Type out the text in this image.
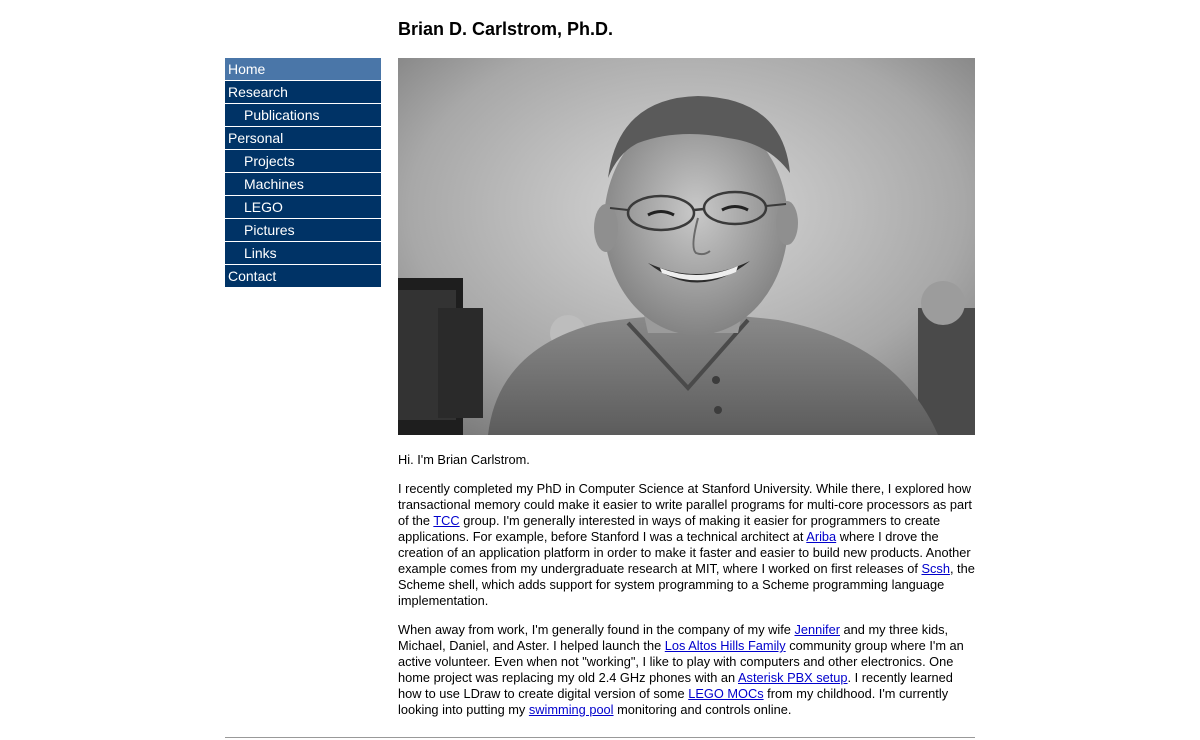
Brian D. Carlstrom, Ph.D.
Home
Research
Publications
Personal
Projects
Machines
LEGO
Pictures
Links
Contact

Hi. I'm Brian Carlstrom.

I recently completed my PhD in Computer Science at Stanford University. While there, I explored how transactional memory could make it easier to write parallel programs for multi-core processors as part of the TCC group. I'm generally interested in ways of making it easier for programmers to create applications. For example, before Stanford I was a technical architect at Ariba where I drove the creation of an application platform in order to make it faster and easier to build new products. Another example comes from my undergraduate research at MIT, where I worked on first releases of Scsh, the Scheme shell, which adds support for system programming to a Scheme programming language implementation.

When away from work, I'm generally found in the company of my wife Jennifer and my three kids, Michael, Daniel, and Aster. I helped launch the Los Altos Hills Family community group where I'm an active volunteer. Even when not "working", I like to play with computers and other electronics. One home project was replacing my old 2.4 GHz phones with an Asterisk PBX setup. I recently learned how to use LDraw to create digital version of some LEGO MOCs from my childhood. I'm currently looking into putting my swimming pool monitoring and controls online.
